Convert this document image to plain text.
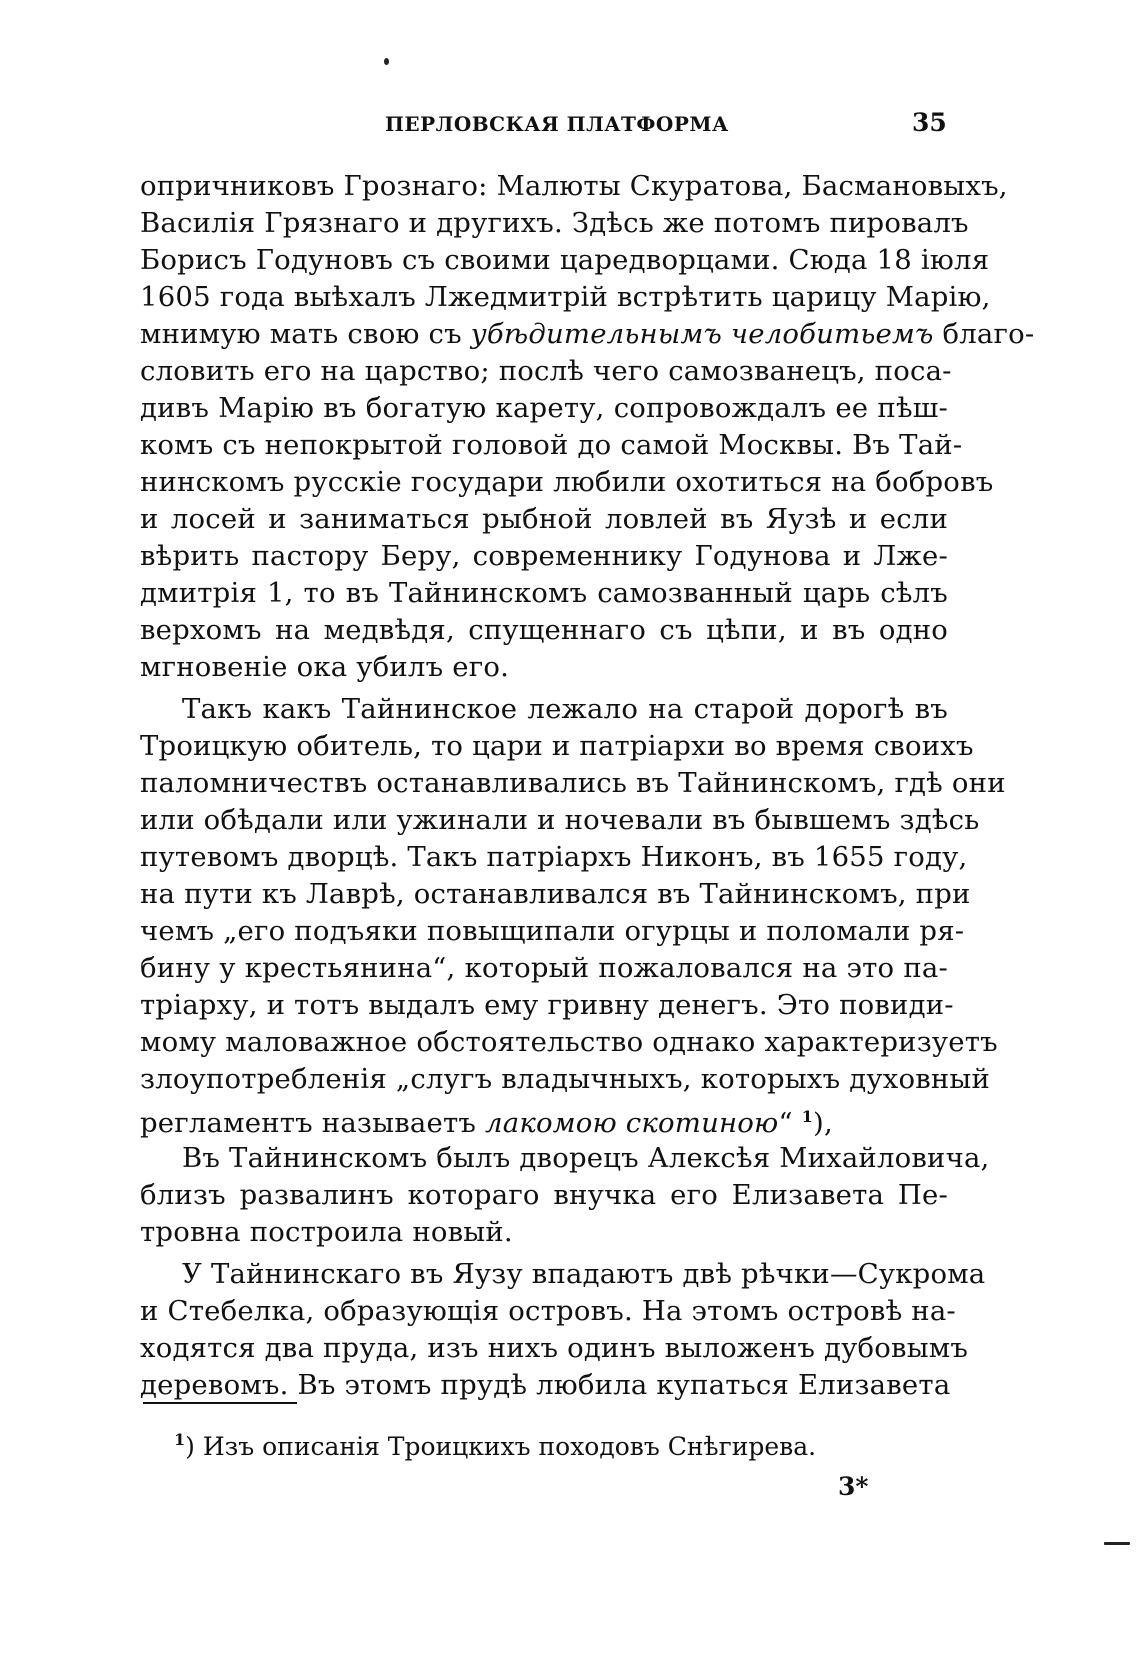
ПЕРЛОВСКАЯ ПЛАТФОРМА	35
опричниковъ Грознаго: Малюты Скуратова, Басмановыхъ,
Василія Грязнаго и другихъ. Здѣсь же потомъ пировалъ
Борисъ Годуновъ съ своими царедворцами. Сюда 18 іюля
1605 года выѣхалъ Лжедмитрій встрѣтить царицу Марію,
мнимую мать свою съ убѣдительнымъ челобитьемъ благо-
словить его на царство; послѣ чего самозванецъ, поса-
дивъ Марію въ богатую карету, сопровождалъ ее пѣш-
комъ съ непокрытой головой до самой Москвы. Въ Тай-
нинскомъ русскіе государи любили охотиться на бобровъ
и лосей и заниматься рыбной ловлей въ Яузѣ и если
вѣрить пастору Беру, современнику Годунова и Лже-
дмитрія 1, то въ Тайнинскомъ самозванный царь сѣлъ
верхомъ на медвѣдя, спущеннаго съ цѣпи, и въ одно
мгновеніе ока убилъ его.
Такъ какъ Тайнинское лежало на старой дорогѣ въ
Троицкую обитель, то цари и патріархи во время своихъ
паломничествъ останавливались въ Тайнинскомъ, гдѣ они
или обѣдали или ужинали и ночевали въ бывшемъ здѣсь
путевомъ дворцѣ. Такъ патріархъ Никонъ, въ 1655 году,
на пути къ Лаврѣ, останавливался въ Тайнинскомъ, при
чемъ „его подъяки повыщипали огурцы и поломали ря-
бину у крестьянина“, который пожаловался на это па-
тріарху, и тотъ выдалъ ему гривну денегъ. Это повиди-
мому маловажное обстоятельство однако характеризуетъ
злоупотребленія „слугъ владычныхъ, которыхъ духовный
регламентъ называетъ лакомою скотиною“ $^1$),
Въ Тайнинскомъ былъ дворецъ Алексѣя Михайловича,
близъ развалинъ котораго внучка его Елизавета Пе-
тровна построила новый.
У Тайнинскаго въ Яузу впадаютъ двѣ рѣчки—Сукрома
и Стебелка, образующія островъ. На этомъ островѣ на-
ходятся два пруда, изъ нихъ одинъ выложенъ дубовымъ
деревомъ. Въ этомъ прудѣ любила купаться Елизавета
$^1$) Изъ описанія Троицкихъ походовъ Снѣгирева.
3*
